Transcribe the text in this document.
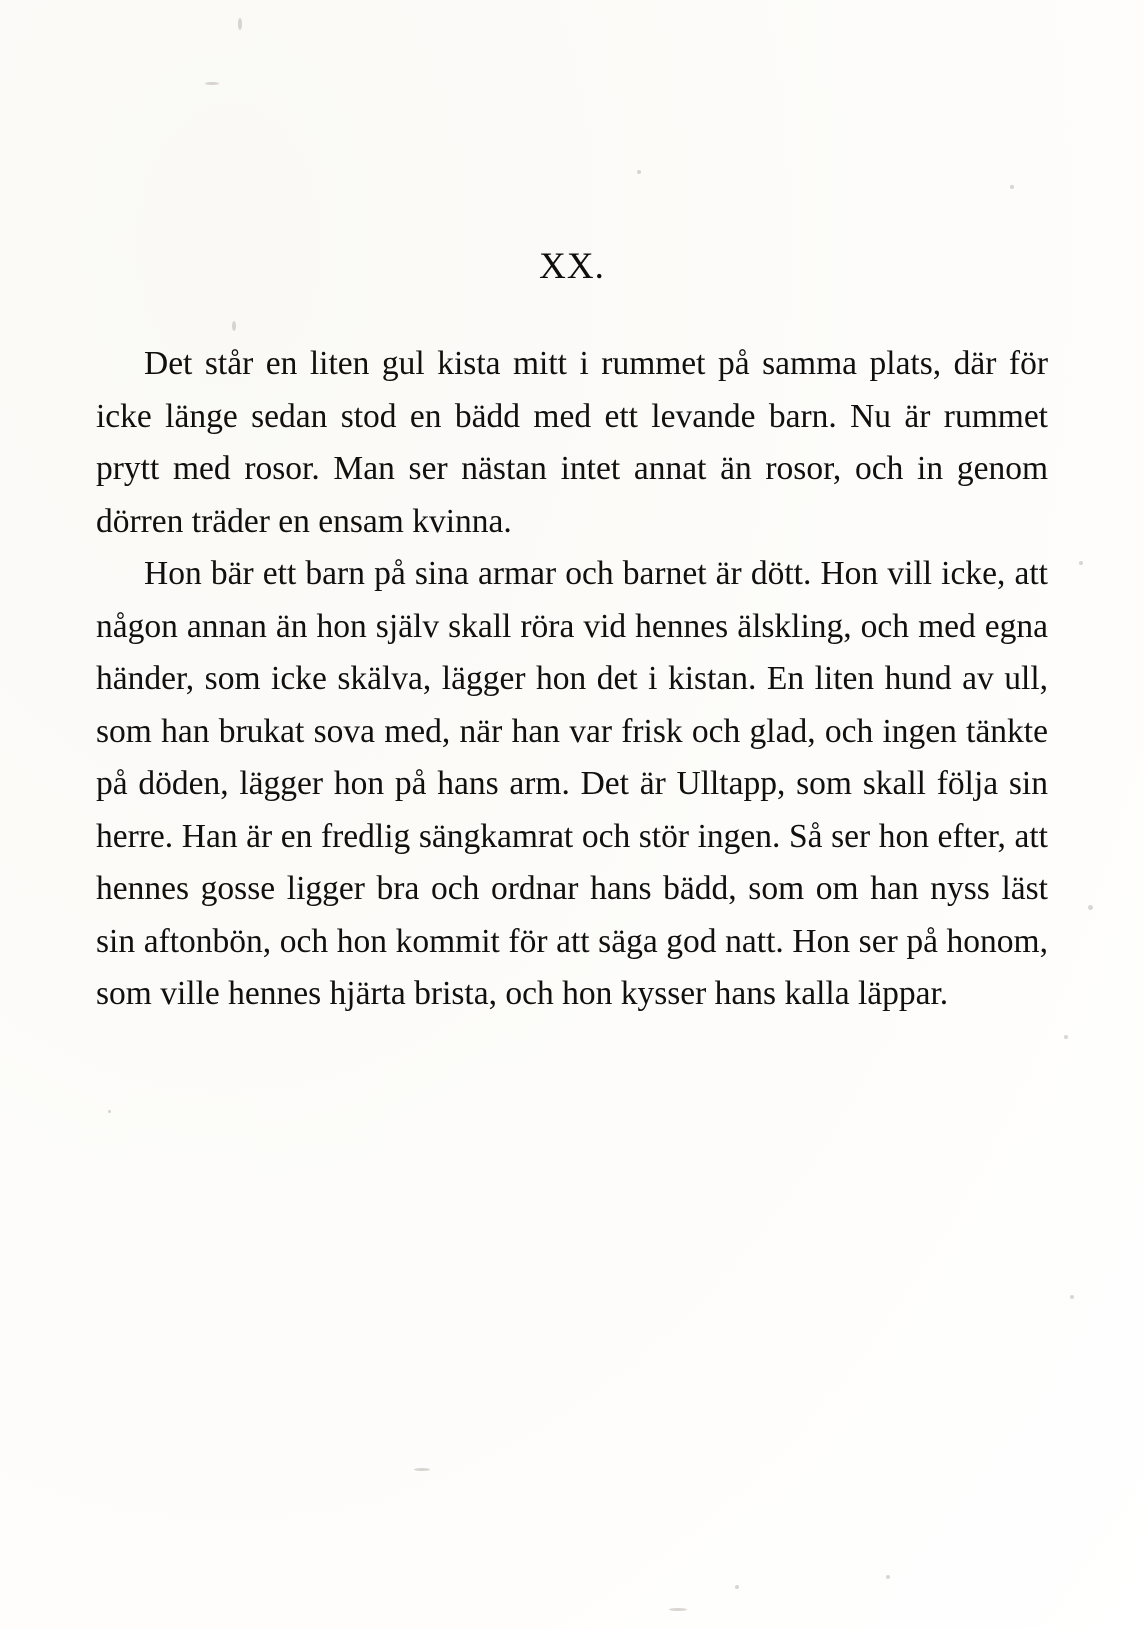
XX.

Det står en liten gul kista mitt i rummet på samma plats, där för icke länge sedan stod en bädd med ett levande barn. Nu är rummet prytt med rosor. Man ser nästan intet annat än rosor, och in genom dörren träder en ensam kvinna.

Hon bär ett barn på sina armar och barnet är dött. Hon vill icke, att någon annan än hon själv skall röra vid hennes älskling, och med egna händer, som icke skälva, lägger hon det i kistan. En liten hund av ull, som han brukat sova med, när han var frisk och glad, och ingen tänkte på döden, lägger hon på hans arm. Det är Ulltapp, som skall följa sin herre. Han är en fredlig sängkamrat och stör ingen. Så ser hon efter, att hennes gosse ligger bra och ordnar hans bädd, som om han nyss läst sin aftonbön, och hon kommit för att säga god natt. Hon ser på honom, som ville hennes hjärta brista, och hon kysser hans kalla läppar.
